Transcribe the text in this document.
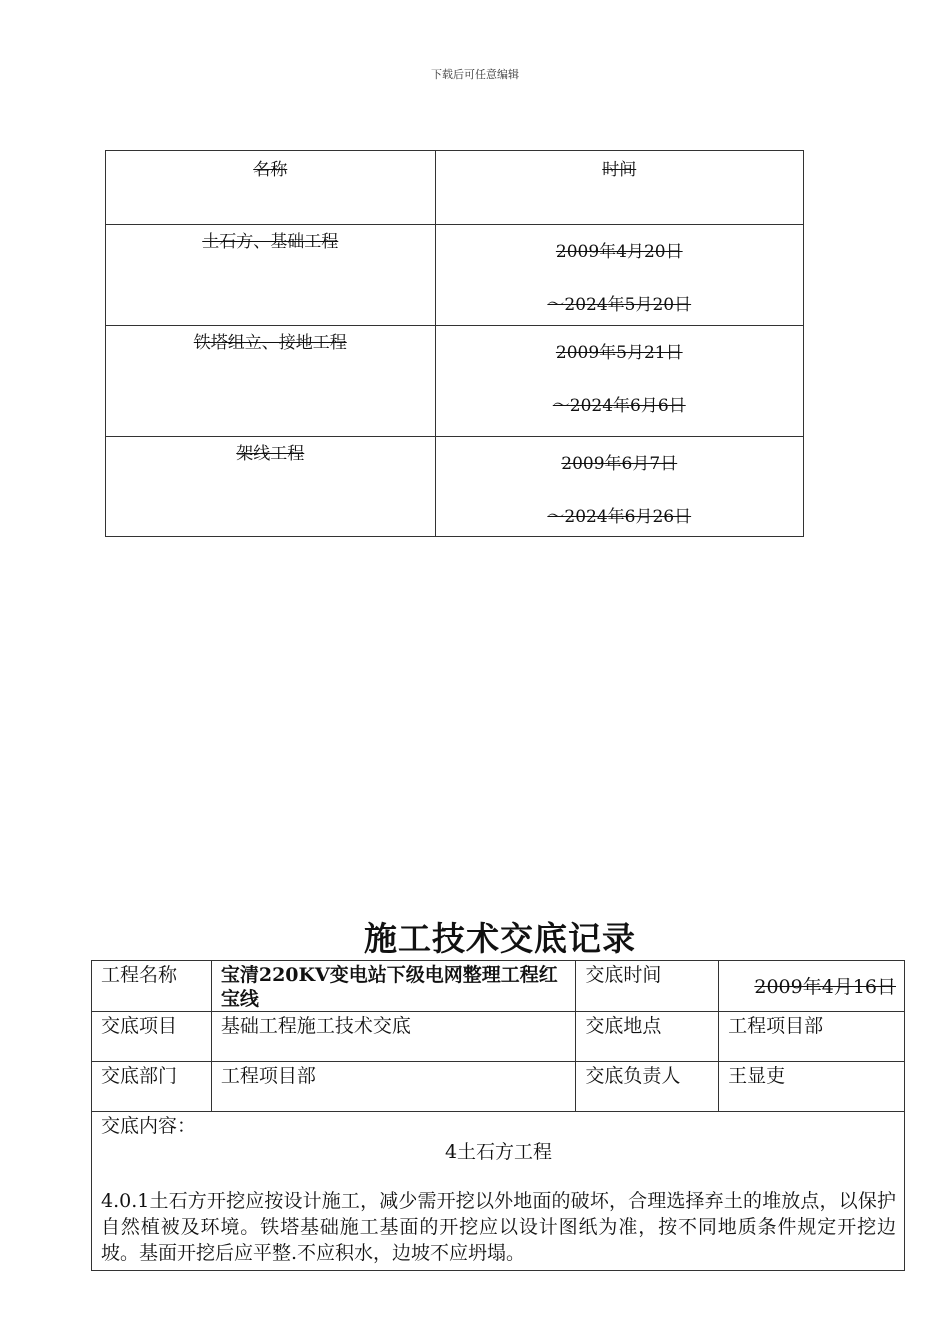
下载后可任意编辑
名称	时间
土石方、基础工程	2009年4月20日
～2024年5月20日

铁塔组立、接地工程	2009年5月21日
～2024年6月6日

架线工程	2009年6月7日
～2024年6月26日
施工技术交底记录
工程名称	宝清220KV变电站下级电网整理工程红宝线	交底时间	2009年4月16日

交底项目	基础工程施工技术交底	交底地点	工程项目部
交底部门	工程项目部	交底负责人	王显吏

交底内容：
4土石方工程
4.0.1土石方开挖应按设计施工，减少需开挖以外地面的破坏，合理选择弃土的堆放点，以保护自然植被及环境。铁塔基础施工基面的开挖应以设计图纸为准，按不同地质条件规定开挖边坡。基面开挖后应平整.不应积水，边坡不应坍塌。			
